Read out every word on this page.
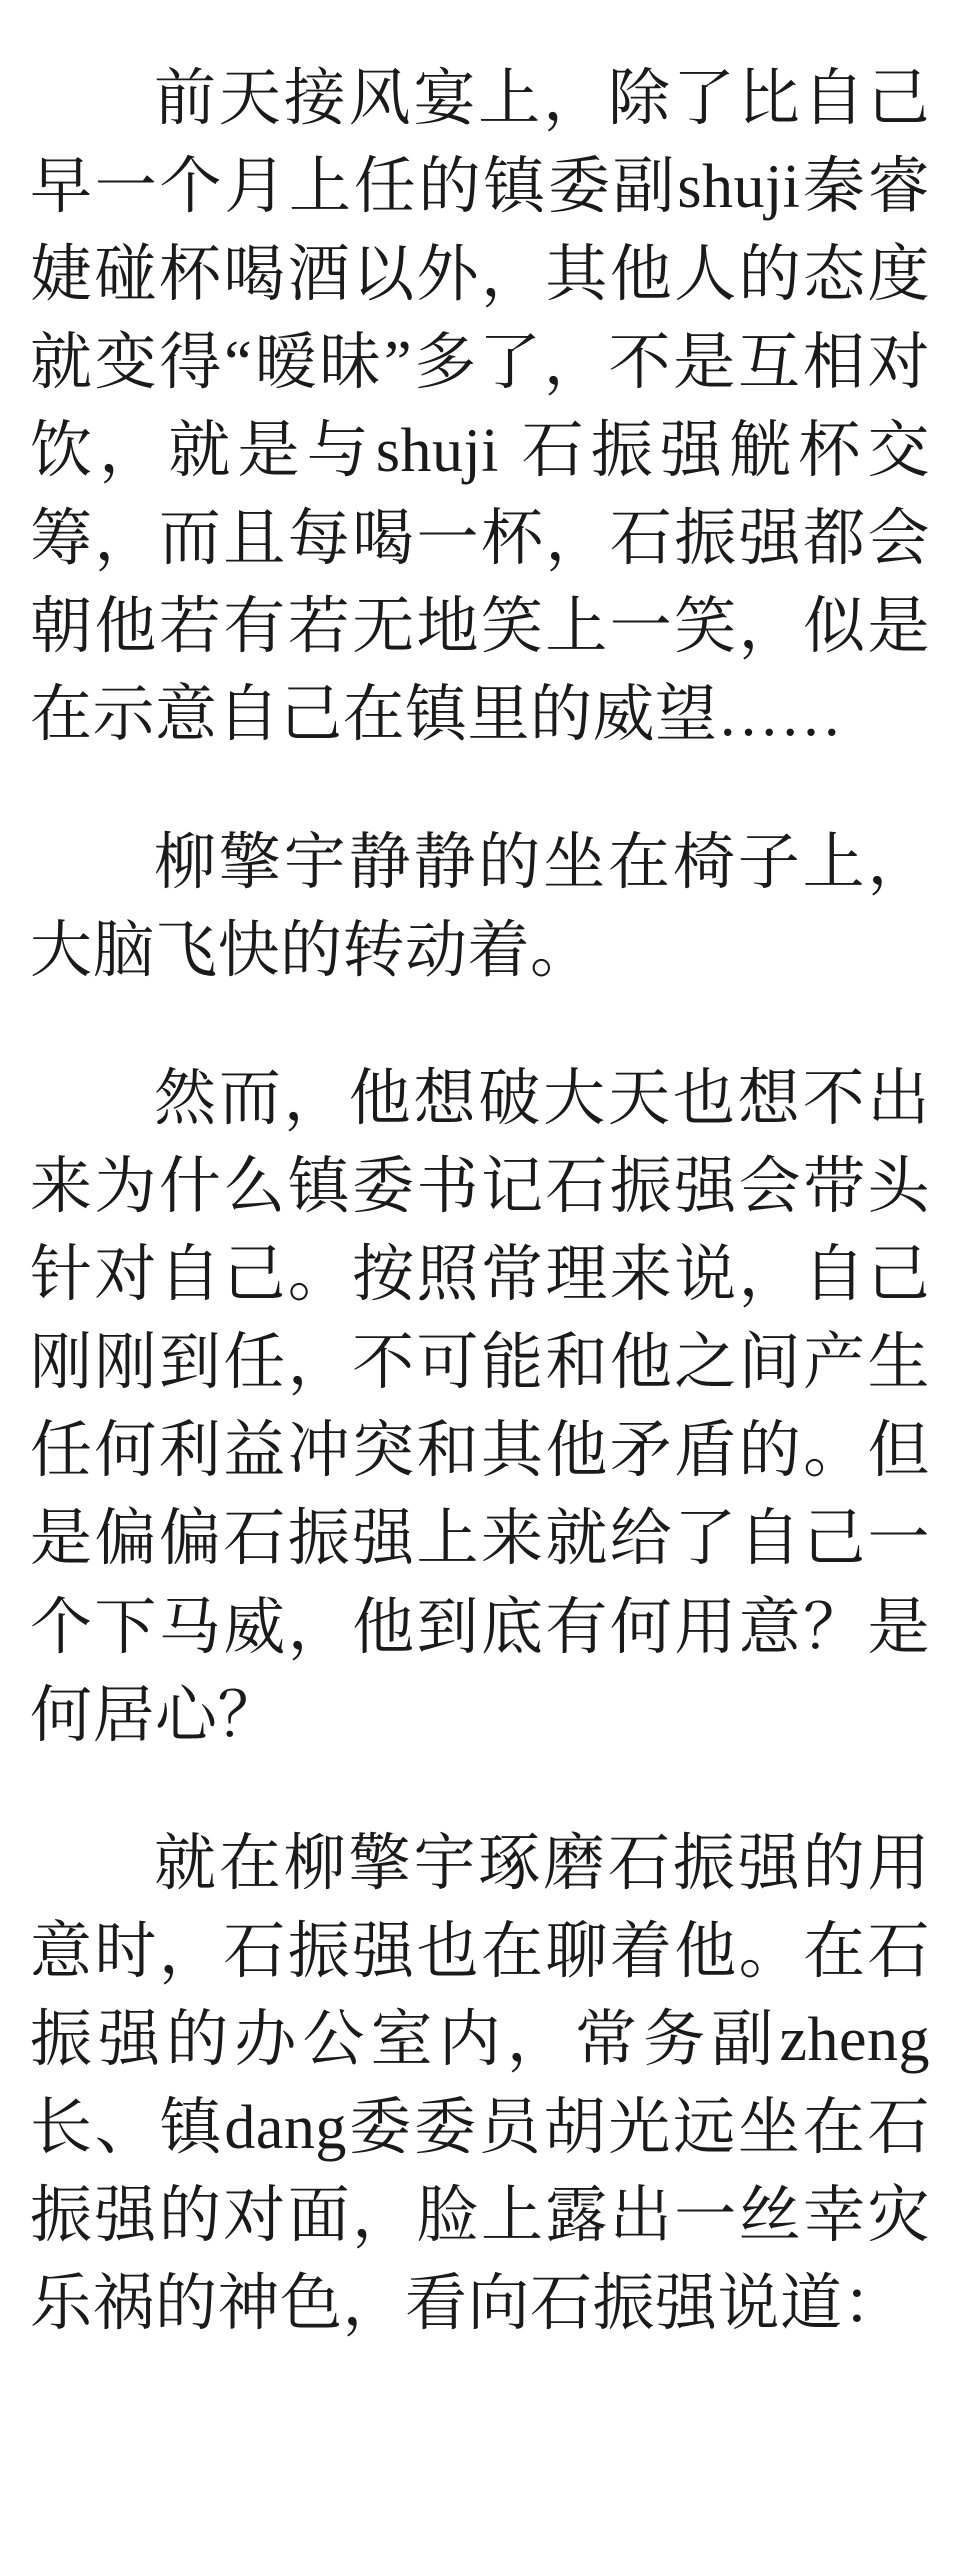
前天接风宴上，除了比自己早一个月上任的镇委副shuji秦睿婕碰杯喝酒以外，其他人的态度就变得“暧昧”多了，不是互相对饮，就是与shuji 石振强觥杯交筹，而且每喝一杯，石振强都会朝他若有若无地笑上一笑，似是在示意自己在镇里的威望……

柳擎宇静静的坐在椅子上，大脑飞快的转动着。

然而，他想破大天也想不出来为什么镇委书记石振强会带头针对自己。按照常理来说，自己刚刚到任，不可能和他之间产生任何利益冲突和其他矛盾的。但是偏偏石振强上来就给了自己一个下马威，他到底有何用意？是何居心？

就在柳擎宇琢磨石振强的用意时，石振强也在聊着他。在石振强的办公室内，常务副zheng长、镇dang委委员胡光远坐在石振强的对面，脸上露出一丝幸灾乐祸的神色，看向石振强说道：
